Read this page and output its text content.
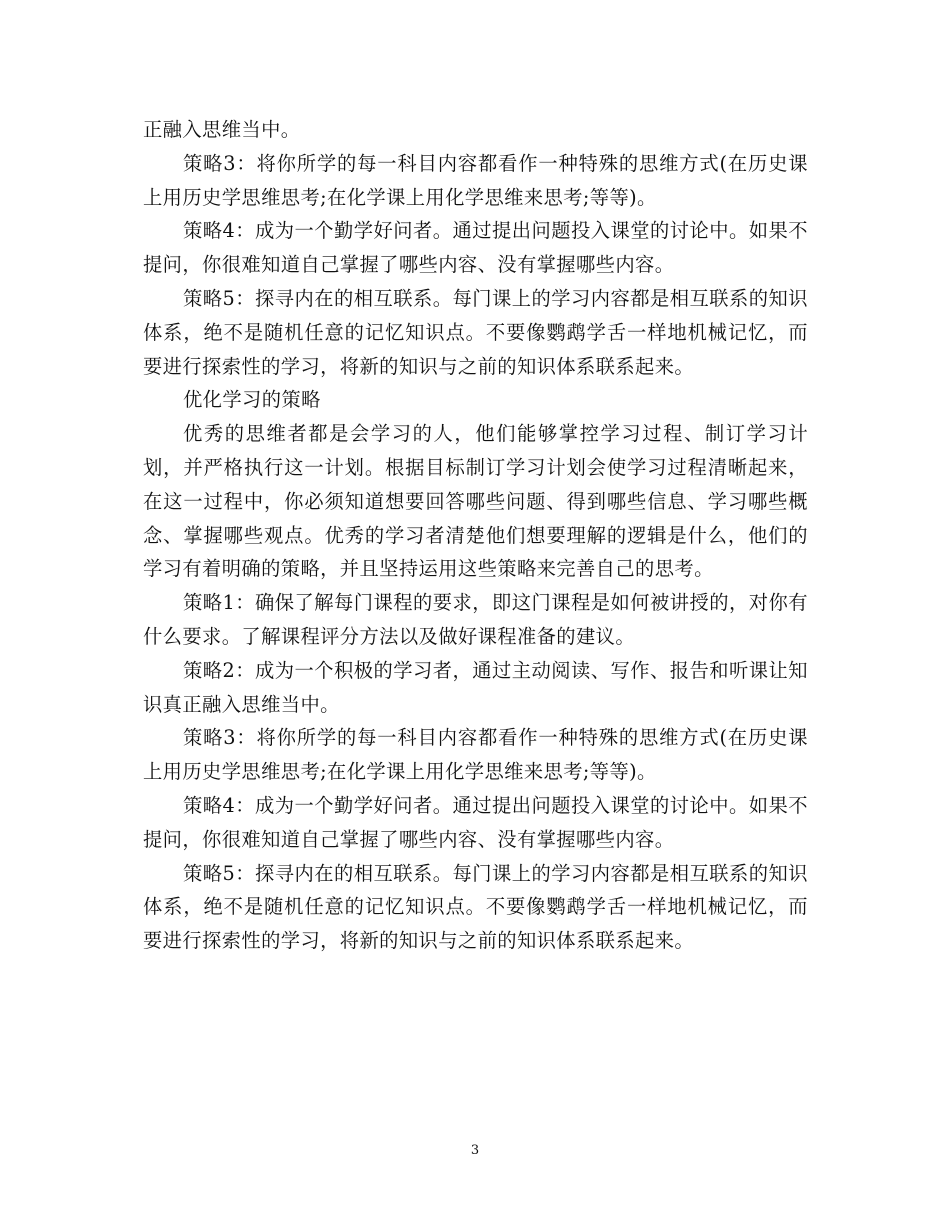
正融入思维当中。

策略3：将你所学的每一科目内容都看作一种特殊的思维方式(在历史课上用历史学思维思考;在化学课上用化学思维来思考;等等)。

策略4：成为一个勤学好问者。通过提出问题投入课堂的讨论中。如果不提问，你很难知道自己掌握了哪些内容、没有掌握哪些内容。

策略5：探寻内在的相互联系。每门课上的学习内容都是相互联系的知识体系，绝不是随机任意的记忆知识点。不要像鹦鹉学舌一样地机械记忆，而要进行探索性的学习，将新的知识与之前的知识体系联系起来。

优化学习的策略

优秀的思维者都是会学习的人，他们能够掌控学习过程、制订学习计划，并严格执行这一计划。根据目标制订学习计划会使学习过程清晰起来，在这一过程中，你必须知道想要回答哪些问题、得到哪些信息、学习哪些概念、掌握哪些观点。优秀的学习者清楚他们想要理解的逻辑是什么，他们的学习有着明确的策略，并且坚持运用这些策略来完善自己的思考。

策略1：确保了解每门课程的要求，即这门课程是如何被讲授的，对你有什么要求。了解课程评分方法以及做好课程准备的建议。

策略2：成为一个积极的学习者，通过主动阅读、写作、报告和听课让知识真正融入思维当中。

策略3：将你所学的每一科目内容都看作一种特殊的思维方式(在历史课上用历史学思维思考;在化学课上用化学思维来思考;等等)。

策略4：成为一个勤学好问者。通过提出问题投入课堂的讨论中。如果不提问，你很难知道自己掌握了哪些内容、没有掌握哪些内容。

策略5：探寻内在的相互联系。每门课上的学习内容都是相互联系的知识体系，绝不是随机任意的记忆知识点。不要像鹦鹉学舌一样地机械记忆，而要进行探索性的学习，将新的知识与之前的知识体系联系起来。

3
